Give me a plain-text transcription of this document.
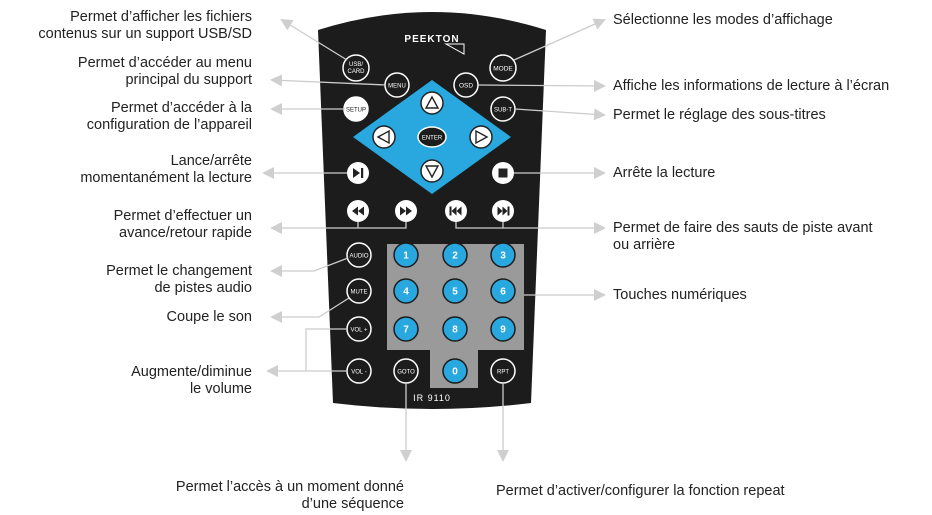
PEEKTON
ENTER
USB/
CARD	MODE
MENU	OSD
SETUP	SUB-T
AUDIO
MUTE
VOL +
VOL -	GOTO	RPT
1	2	3
4	5	6
7	8	9
0
IR 9110
Permet d’afficher les fichiers
contenus sur un support USB/SD
Permet d’accéder au menu
principal du support
Permet d’accéder à la
configuration de l’appareil
Lance/arrête
momentanément la lecture
Permet d’effectuer un
avance/retour rapide
Permet le changement
de pistes audio
Coupe le son
Augmente/diminue
le volume
Sélectionne les modes d’affichage
Affiche les informations de lecture à l’écran
Permet le réglage des sous-titres
Arrête la lecture
Permet de faire des sauts de piste avant
ou arrière
Touches numériques
Permet l’accès à un moment donné
d’une séquence
Permet d’activer/configurer la fonction repeat
